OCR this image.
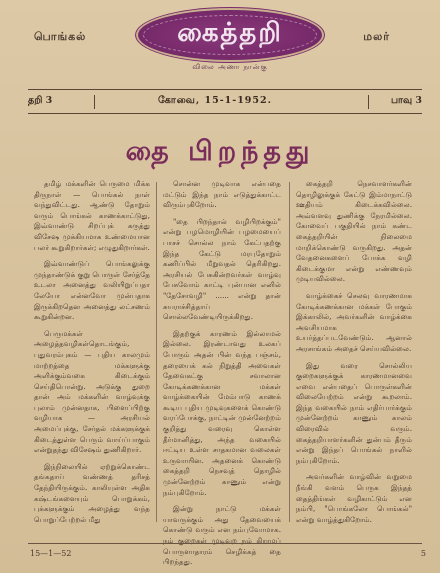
பொங்கல்	மலர்
கைத்தறி
விலை அணா நான்கு
தறி 3	கோவை, 15-1-1952.	பாவு 3
தை பிறந்தது

தமிழ் மக்களின் பெருமை மிக்க திருநாள் — பொங்கல் நாள் வந்துவிட்டது. ஆண்டு தோறும் வரும் பொங்கல் காணக்காட்டுது, இவ்வாண்டு சிறப்புக் கருத்து விசேஷ முக்கியமாக உண்மையான பலர் கூறுகிறார்கள்; எழுதுகிறார்கள்.

இவ்வாண்டுப் பொங்கலுக்கு முந்தாண்டுக் குறு பொருள் சேர்த்தே உடலா அனைத்து வலியிறுப்பதா லேயோ என்னவோ முன்பதாக இருக்கிறதென அனைத்து லட்சணம் கூறுகின்றன.

பெருமக்கள் அழைத்தவழிகள்தொடங்கும், புதுவரம்புகம் — புதிய காலமும் மாற்றத்தை மக்களுக்கு அளிக்கும்வகை கிடைக்கும் செய்திபொன்று. அடுக்கு துறை தான் அம் மக்களின் வாழ்வுக்கு புலாம் முன்னதாக, பிளைப்பிற்கு வழியாக — அரசியல் அமைப்புக்கு, சேர்தல் மக்களுக்குக் கிடைத்துள்ள பெரும் வாய்ப்பாகும் என்றுதந்து விசேஷம் துணிகிறார்.

இந்நிலையில் ஏற்றுக்கொண்ட தங்கதாய் வண்ணத் தரிசத் தேந்தியிருக்கும். காலியுள்ள அதிக கஷ்டங்களையும் பொறுக்கம், புக்களுக்கும் அழைத்து வந்த பொறுப்பேற்றல் மீது

சொன்ன முடிவாக என்பதை மட்டும் இந்த நாம் எடுத்துக்காட்ட விரும்புகிறோம்.

"தை பிறந்தால் வழிபிறக்கும்" என்று பழமொழியின் பழமையைப் பாசச் சொல்ல நாம் கேட்பதற்கு இந்த கேட்டு மரபுதோறும் கணிப்பில் மீறுவதல் தெரிகிறது. அரசியல் பேசுகின்றவர்கள் வாழ்வு பேசுவோம் காட்டி புன்பான எனில் "தேசோவழி" ...... என்று தான் சுயராச்சித்தாய் சொல்லவேண்டியிருக்கிறது.

இதற்குக் காரணம் இல்லாமல் இல்லை. இரண்டாவது உலகப் போரும் அதன் பின் வந்த பஞ்சம், தரையைக் கல் நிறுத்தி அவைகள் தேவைகட்கு சவாலான கோடிக்கணக்கான மக்கள் வாழ்க்கையின் மேம்பாடு காணக் கூடிய புதிய முடிவுகளைக் கொண்டு வரப்போக்கு, நாட்டின் முன்னேற்றம் குறித்து வரைவு கொள்ள தீர்மானித்து, அந்த வகையில் ஈட்டிய உள்ள சாதகமான வலைகள் உருவாயின. அதனைக் கொண்டு கைத்தறி நெசவுத் தொழில் முன்னேற்றம் காணும் என்று நம்புகிறோம்.

இன்று நாட்டு மக்கள் யாவருக்கும் அது தேவையைக் கொண்டு வரும் என நம்புவோமாக. நம் குறைகள் முடிவுற நம் கிராமப் பொருளாதாரம் செழிக்கத் தை பிறந்தது.

கைத்தறி நெசவாளர்களின் தொழிலுக்குக் கேட்டு இம்மாநாட்டு ஊதியம் கிடைக்கவில்லை. அவ்வளவு துணிக்கு நேரமில்லை. கோவைப் பகுதியில் நாம் கண்ட கைத்தறியின் நிலைமை மாறிக்கொண்டு வருகிறது. அதன் வேதனைகளைப் போக்க வழி கிடைக்குமா என்று எண்ணவும் முடியவில்லை.

வாழ்க்கைச் செலவு வாரணமாக கோடிக்கணக்கான மக்கள் போகும் இக்காலில், அவர்களின் வாழ்க்கை அவசியமாக உயர்த்தப்படவேண்டும். ஆனால் அரசாங்கம் அதைச் செய்யவில்லை.

இது வரை சொல்லிய குறைகளுக்குக் காரணமானவை எவை என்பதைப் பொருள்களின் விலையேற்றம் என்று கூறலாம். இந்த வகையில் நாம் எதிர்பார்க்கும் முன்னேற்றம் காணும் காலம் விரைவில் வரும். கைத்தறியாளர்களின் துன்பம் தீரும் என்று இந்தப் பொங்கல் நாளில் நம்புகிறோம்.

அவர்களின் வாழ்வின் வறுமை நீங்கி வளம் பெருக இந்தத் தைத்திங்கள் வழிகாட்டும் என நம்பி, "பொங்கலோ பொங்கல்" என்று வாழ்த்துகிறோம்.

15—1—52	5
